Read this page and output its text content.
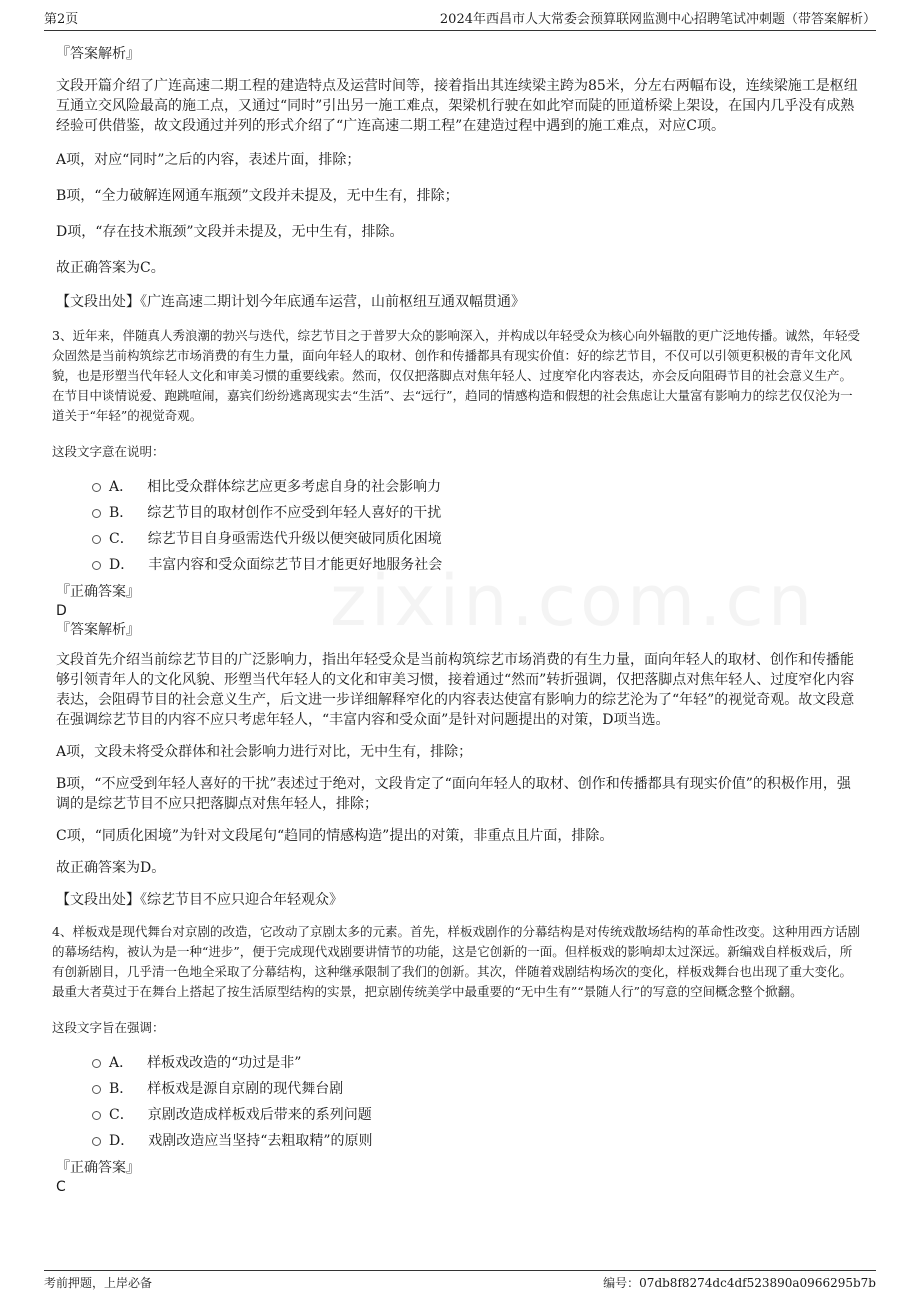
第2页	2024年西昌市人大常委会预算联网监测中心招聘笔试冲刺题（带答案解析）

『答案解析』

文段开篇介绍了广连高速二期工程的建造特点及运营时间等，接着指出其连续梁主跨为85米，分左右两幅布设，连续梁施工是枢纽互通立交风险最高的施工点，又通过“同时”引出另一施工难点，架梁机行驶在如此窄而陡的匝道桥梁上架设，在国内几乎没有成熟经验可供借鉴，故文段通过并列的形式介绍了“广连高速二期工程”在建造过程中遇到的施工难点，对应C项。

A项，对应“同时”之后的内容，表述片面，排除；

B项，“全力破解连网通车瓶颈”文段并未提及，无中生有，排除；

D项，“存在技术瓶颈”文段并未提及，无中生有，排除。

故正确答案为C。

【文段出处】《广连高速二期计划今年底通车运营，山前枢纽互通双幅贯通》

3、近年来，伴随真人秀浪潮的勃兴与迭代，综艺节目之于普罗大众的影响深入，并构成以年轻受众为核心向外辐散的更广泛地传播。诚然，年轻受众固然是当前构筑综艺市场消费的有生力量，面向年轻人的取材、创作和传播都具有现实价值：好的综艺节目，不仅可以引领更积极的青年文化风貌，也是形塑当代年轻人文化和审美习惯的重要线索。然而，仅仅把落脚点对焦年轻人、过度窄化内容表达，亦会反向阻碍节目的社会意义生产。在节目中谈情说爱、跑跳喧闹，嘉宾们纷纷逃离现实去“生活”、去“远行”，趋同的情感构造和假想的社会焦虑让大量富有影响力的综艺仅仅沦为一道关于“年轻”的视觉奇观。

这段文字意在说明：

A． 相比受众群体综艺应更多考虑自身的社会影响力
B． 综艺节目的取材创作不应受到年轻人喜好的干扰
C． 综艺节目自身亟需迭代升级以便突破同质化困境
D． 丰富内容和受众面综艺节目才能更好地服务社会

『正确答案』

D

『答案解析』

文段首先介绍当前综艺节目的广泛影响力，指出年轻受众是当前构筑综艺市场消费的有生力量，面向年轻人的取材、创作和传播能够引领青年人的文化风貌、形塑当代年轻人的文化和审美习惯，接着通过“然而”转折强调，仅把落脚点对焦年轻人、过度窄化内容表达，会阻碍节目的社会意义生产，后文进一步详细解释窄化的内容表达使富有影响力的综艺沦为了“年轻”的视觉奇观。故文段意在强调综艺节目的内容不应只考虑年轻人，“丰富内容和受众面”是针对问题提出的对策，D项当选。

A项，文段未将受众群体和社会影响力进行对比，无中生有，排除；

B项，“不应受到年轻人喜好的干扰”表述过于绝对，文段肯定了“面向年轻人的取材、创作和传播都具有现实价值”的积极作用，强调的是综艺节目不应只把落脚点对焦年轻人，排除；

C项，“同质化困境”为针对文段尾句“趋同的情感构造”提出的对策，非重点且片面，排除。

故正确答案为D。

【文段出处】《综艺节目不应只迎合年轻观众》

4、样板戏是现代舞台对京剧的改造，它改动了京剧太多的元素。首先，样板戏剧作的分幕结构是对传统戏散场结构的革命性改变。这种用西方话剧的幕场结构，被认为是一种“进步”，便于完成现代戏剧要讲情节的功能，这是它创新的一面。但样板戏的影响却太过深远。新编戏自样板戏后，所有创新剧目，几乎清一色地全采取了分幕结构，这种继承限制了我们的创新。其次，伴随着戏剧结构场次的变化，样板戏舞台也出现了重大变化。最重大者莫过于在舞台上搭起了按生活原型结构的实景，把京剧传统美学中最重要的“无中生有”“景随人行”的写意的空间概念整个掀翻。

这段文字旨在强调：

A． 样板戏改造的“功过是非”
B． 样板戏是源自京剧的现代舞台剧
C． 京剧改造成样板戏后带来的系列问题
D． 戏剧改造应当坚持“去粗取精”的原则

『正确答案』

C

考前押题，上岸必备	编号：07db8f8274dc4df523890a0966295b7b
